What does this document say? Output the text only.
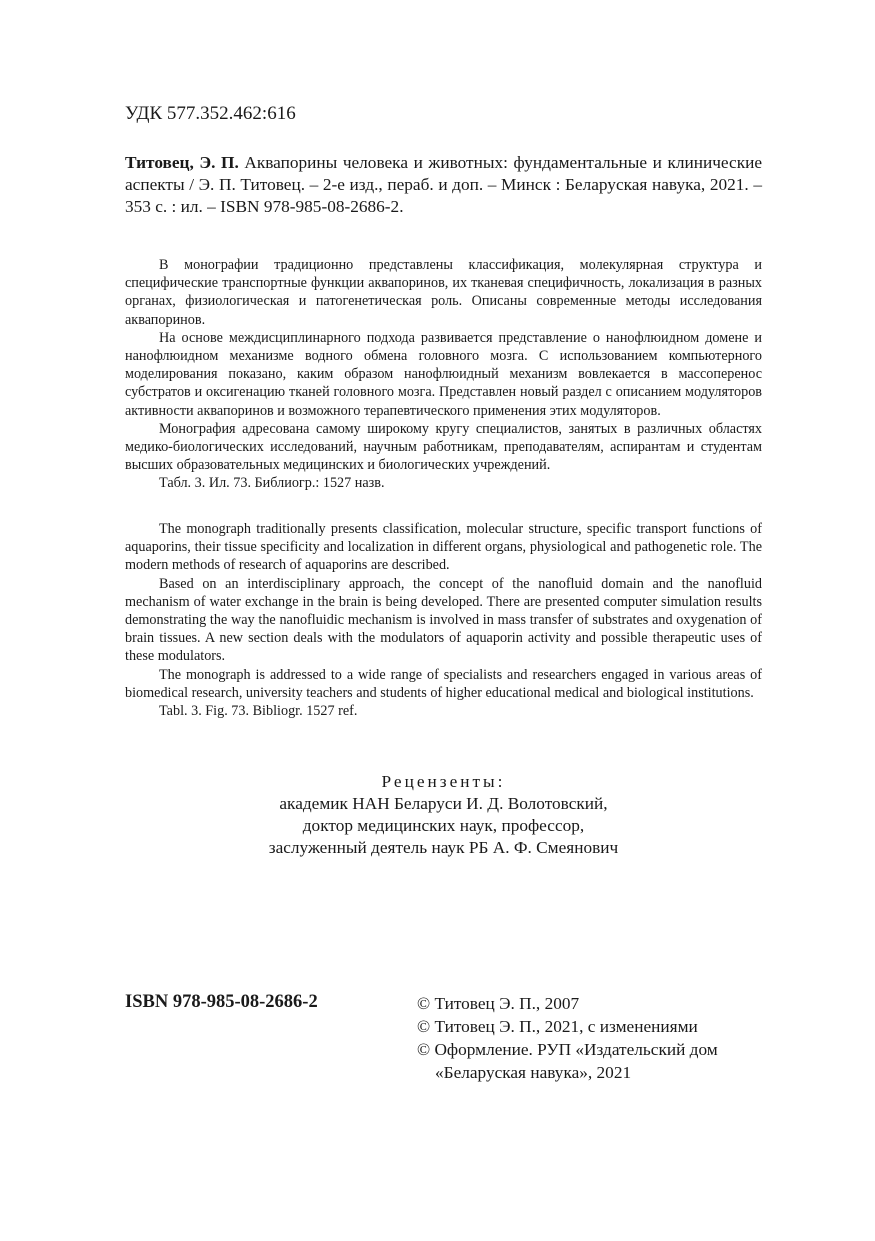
УДК 577.352.462:616
Титовец, Э. П. Аквапорины человека и животных: фундаментальные и клинические аспекты / Э. П. Титовец. – 2-е изд., пераб. и доп. – Минск : Беларуская навука, 2021. – 353 с. : ил. – ISBN 978-985-08-2686-2.

В монографии традиционно представлены классификация, молекулярная структура и специфические транспортные функции аквапоринов, их тканевая специфичность, локализация в разных органах, физиологическая и патогенетическая роль. Описаны современные методы исследования аквапоринов.

На основе междисциплинарного подхода развивается представление о нанофлюидном домене и нанофлюидном механизме водного обмена головного мозга. С использованием компьютерного моделирования показано, каким образом нанофлюидный механизм вовлекается в массоперенос субстратов и оксигенацию тканей головного мозга. Представлен новый раздел с описанием модуляторов активности аквапоринов и возможного терапевтического применения этих модуляторов.

Монография адресована самому широкому кругу специалистов, занятых в различных областях медико-биологических исследований, научным работникам, преподавателям, аспирантам и студентам высших образовательных медицинских и биологических учреждений.

Табл. 3. Ил. 73. Библиогр.: 1527 назв.

The monograph traditionally presents classification, molecular structure, specific transport functions of aquaporins, their tissue specificity and localization in different organs, physiological and pathogenetic role. The modern methods of research of aquaporins are described.

Based on an interdisciplinary approach, the concept of the nanofluid domain and the nanofluid mechanism of water exchange in the brain is being developed. There are presented computer simulation results demonstrating the way the nanofluidic mechanism is involved in mass transfer of substrates and oxygenation of brain tissues. A new section deals with the modulators of aquaporin activity and possible therapeutic uses of these modulators.

The monograph is addressed to a wide range of specialists and researchers engaged in various areas of biomedical research, university teachers and students of higher educational medical and biological institutions.

Tabl. 3. Fig. 73. Bibliogr. 1527 ref.

Рецензенты:
академик НАН Беларуси И. Д. Волотовский,
доктор медицинских наук, профессор,
заслуженный деятель наук РБ А. Ф. Смеянович
ISBN 978-985-08-2686-2	© Титовец Э. П., 2007
© Титовец Э. П., 2021, с изменениями
© Оформление. РУП «Издательский дом
«Беларуская навука», 2021
